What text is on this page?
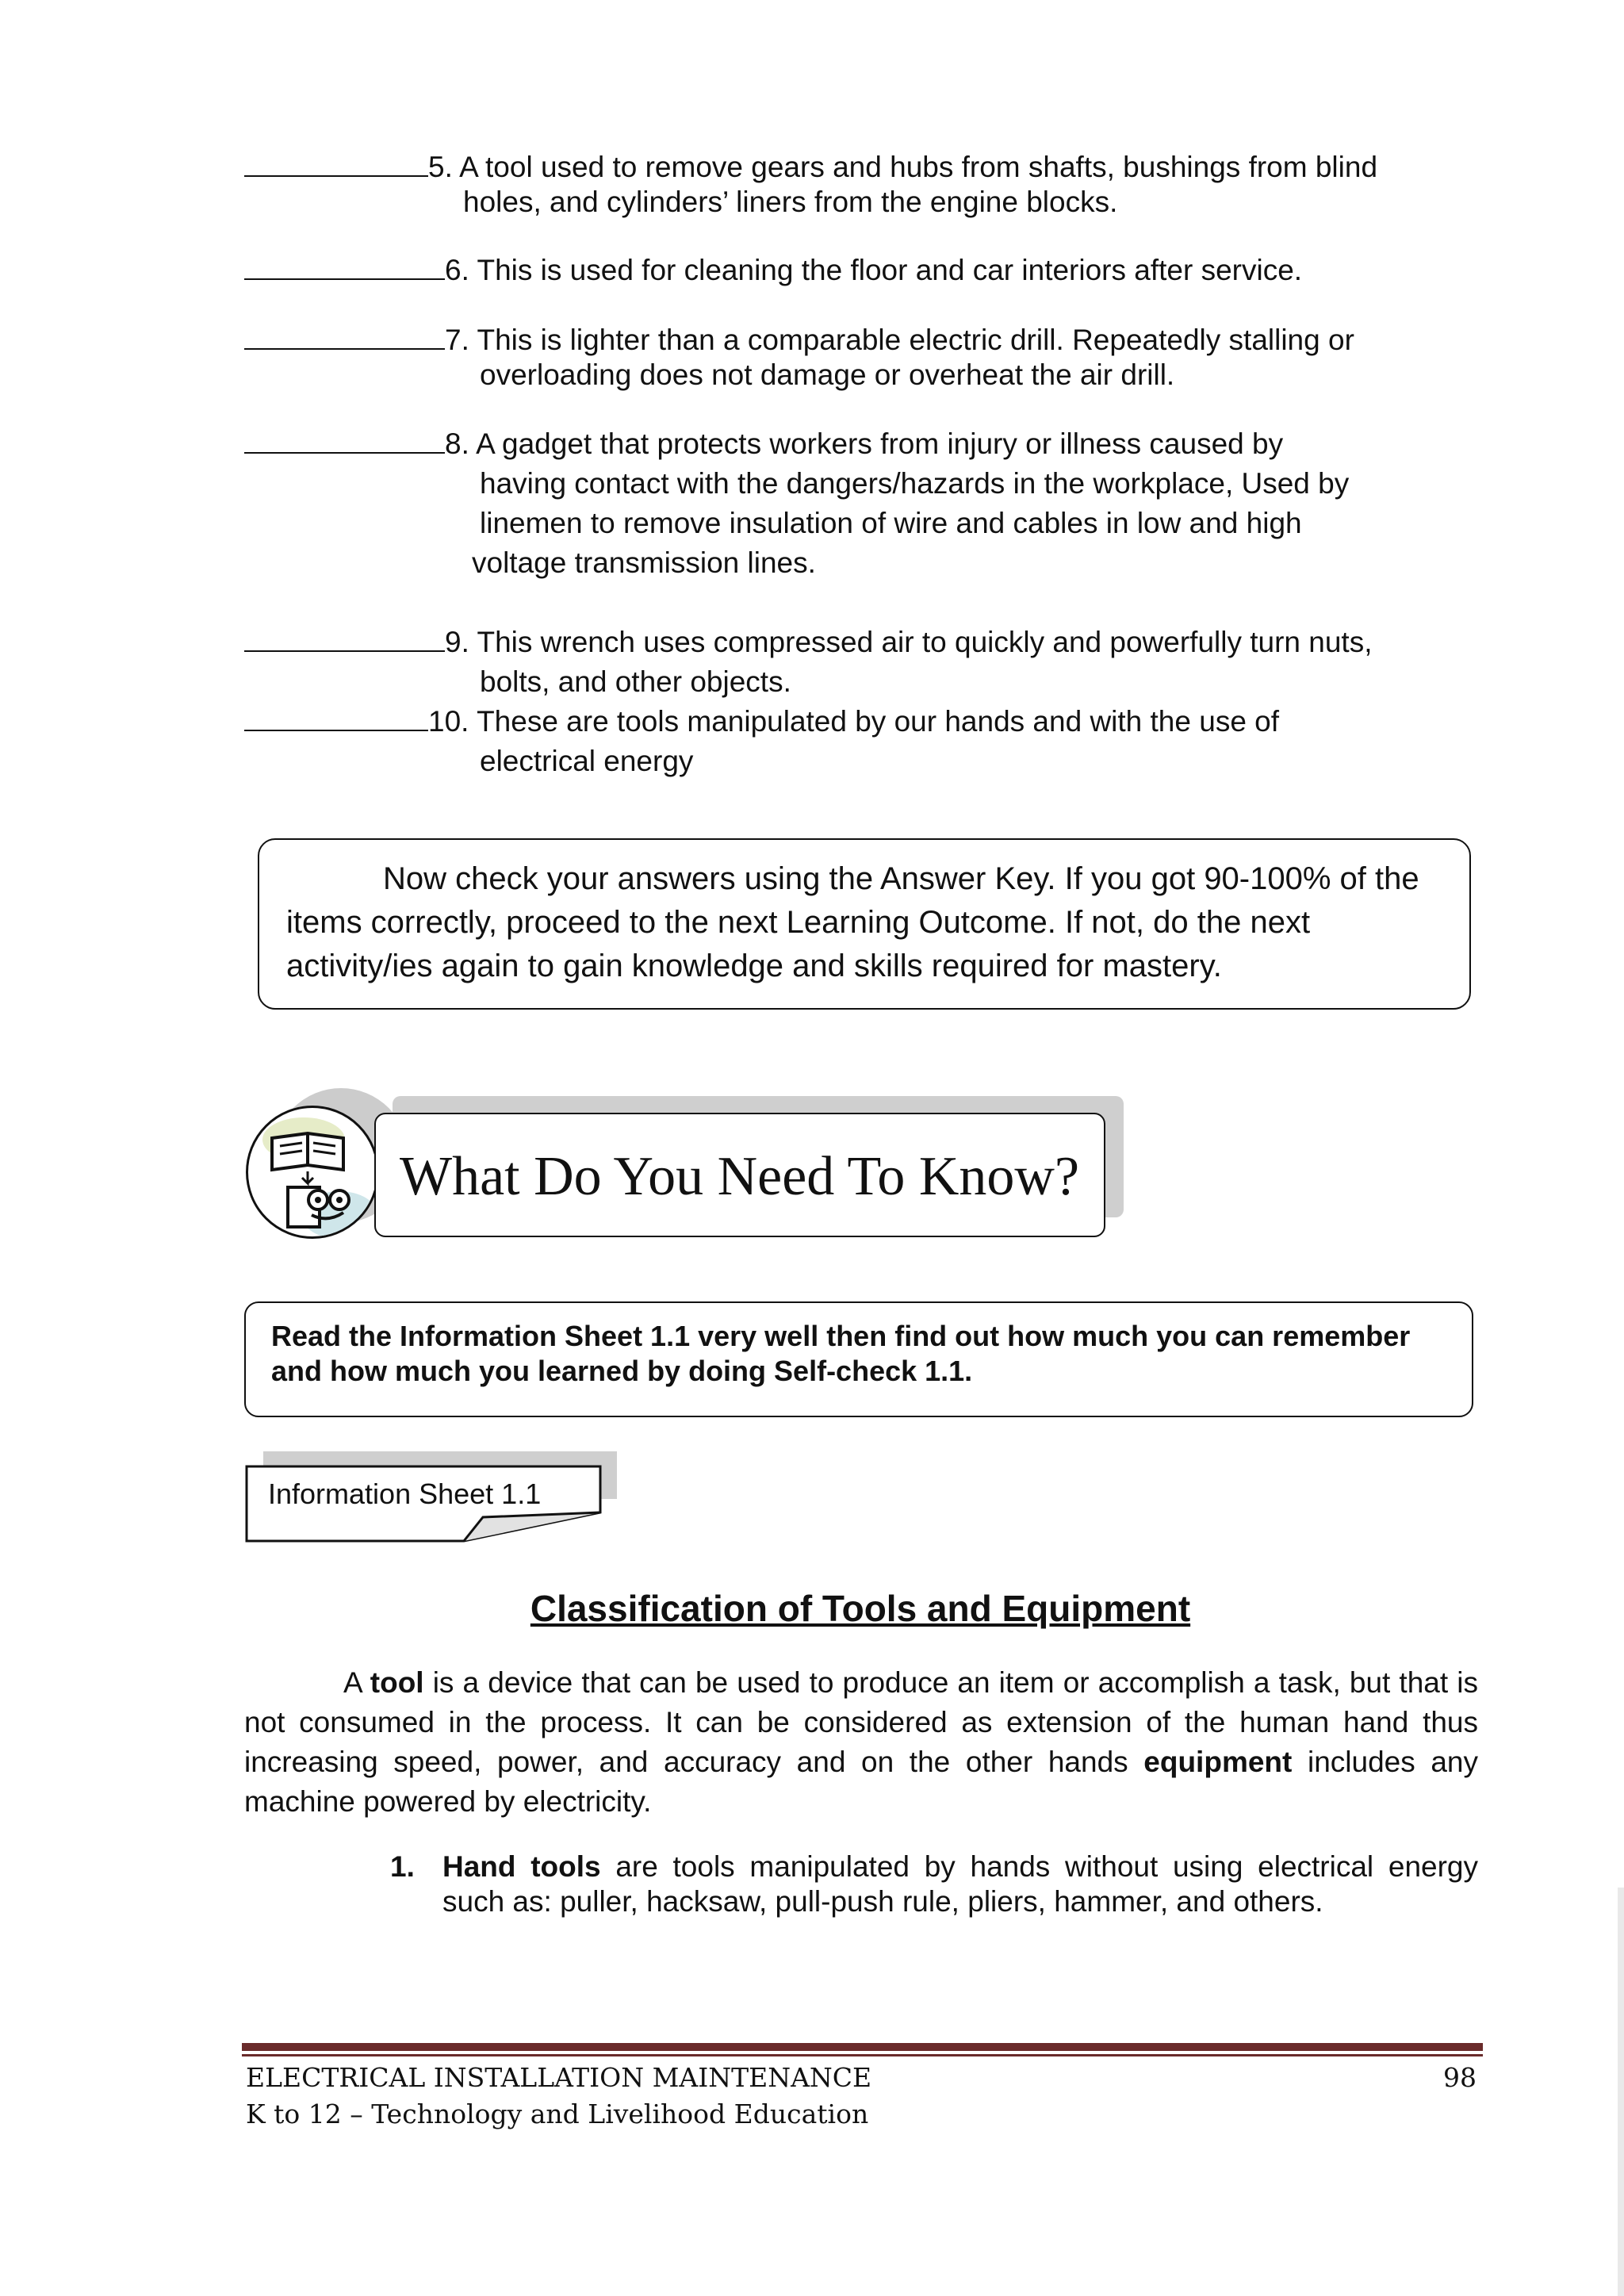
5. A tool used to remove gears and hubs from shafts, bushings from blind
holes, and cylinders’ liners from the engine blocks.
6. This is used for cleaning the floor and car interiors after service.
7. This is lighter than a comparable electric drill. Repeatedly stalling or
overloading does not damage or overheat the air drill.
8. A gadget that protects workers from injury or illness caused by
having contact with the dangers/hazards in the workplace, Used by
linemen to remove insulation of wire and cables in low and high
voltage transmission lines.
9. This wrench uses compressed air to quickly and powerfully turn nuts,
bolts, and other objects.
10. These are tools manipulated by our hands and with the use of
electrical energy
Now check your answers using the Answer Key. If you got 90-100% of the items correctly, proceed to the next Learning Outcome. If not, do the next activity/ies again to gain knowledge and skills required for mastery.
What Do You Need To Know?
Read the Information Sheet 1.1 very well then find out how much you can remember and how much you learned by doing Self-check 1.1.
Information Sheet 1.1
Classification of Tools and Equipment
A tool is a device that can be used to produce an item or accomplish a task, but that is not consumed in the process. It can be considered as extension of the human hand thus increasing speed, power, and accuracy and on the other hands equipment includes any machine powered by electricity.
1. Hand tools are tools manipulated by hands without using electrical energy such as: puller, hacksaw, pull-push rule, pliers, hammer, and others.
ELECTRICAL INSTALLATION MAINTENANCE
K to 12 – Technology and Livelihood Education
98
